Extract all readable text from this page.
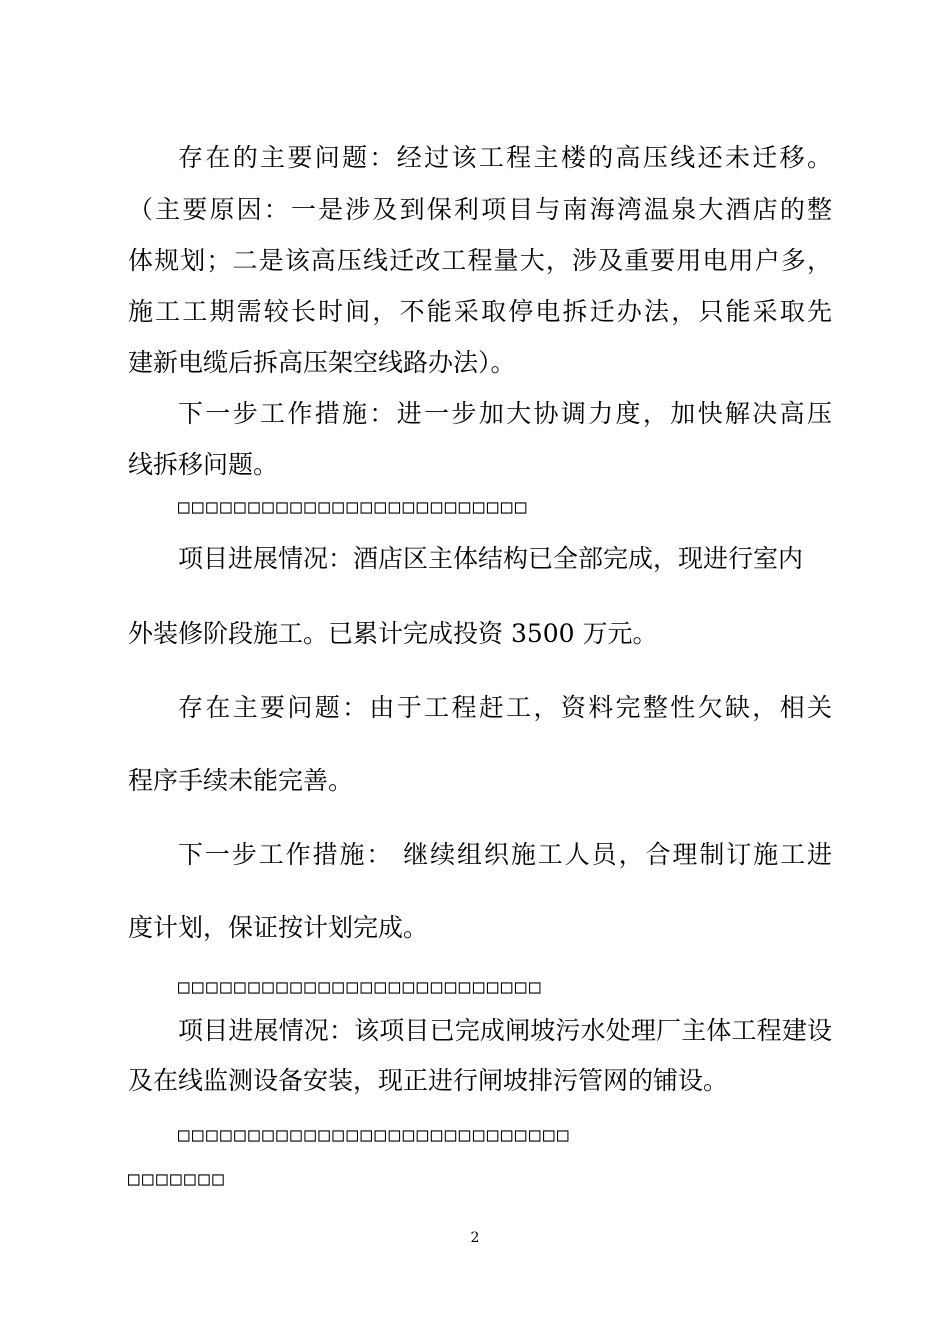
存在的主要问题：经过该工程主楼的高压线还未迁移。
（主要原因：一是涉及到保利项目与南海湾温泉大酒店的整
体规划；二是该高压线迁改工程量大，涉及重要用电用户多，
施工工期需较长时间，不能采取停电拆迁办法，只能采取先
建新电缆后拆高压架空线路办法）。
下一步工作措施：进一步加大协调力度，加快解决高压
线拆移问题。
□□□□□□□□□□□□□□□□□□□□□□□□□
项目进展情况：酒店区主体结构已全部完成，现进行室内
外装修阶段施工。已累计完成投资 3500 万元。
存在主要问题：由于工程赶工，资料完整性欠缺，相关
程序手续未能完善。
下一步工作措施： 继续组织施工人员，合理制订施工进
度计划，保证按计划完成。
□□□□□□□□□□□□□□□□□□□□□□□□□□
项目进展情况：该项目已完成闸坡污水处理厂主体工程建设
及在线监测设备安装，现正进行闸坡排污管网的铺设。
□□□□□□□□□□□□□□□□□□□□□□□□□□□□
□□□□□□□
2
